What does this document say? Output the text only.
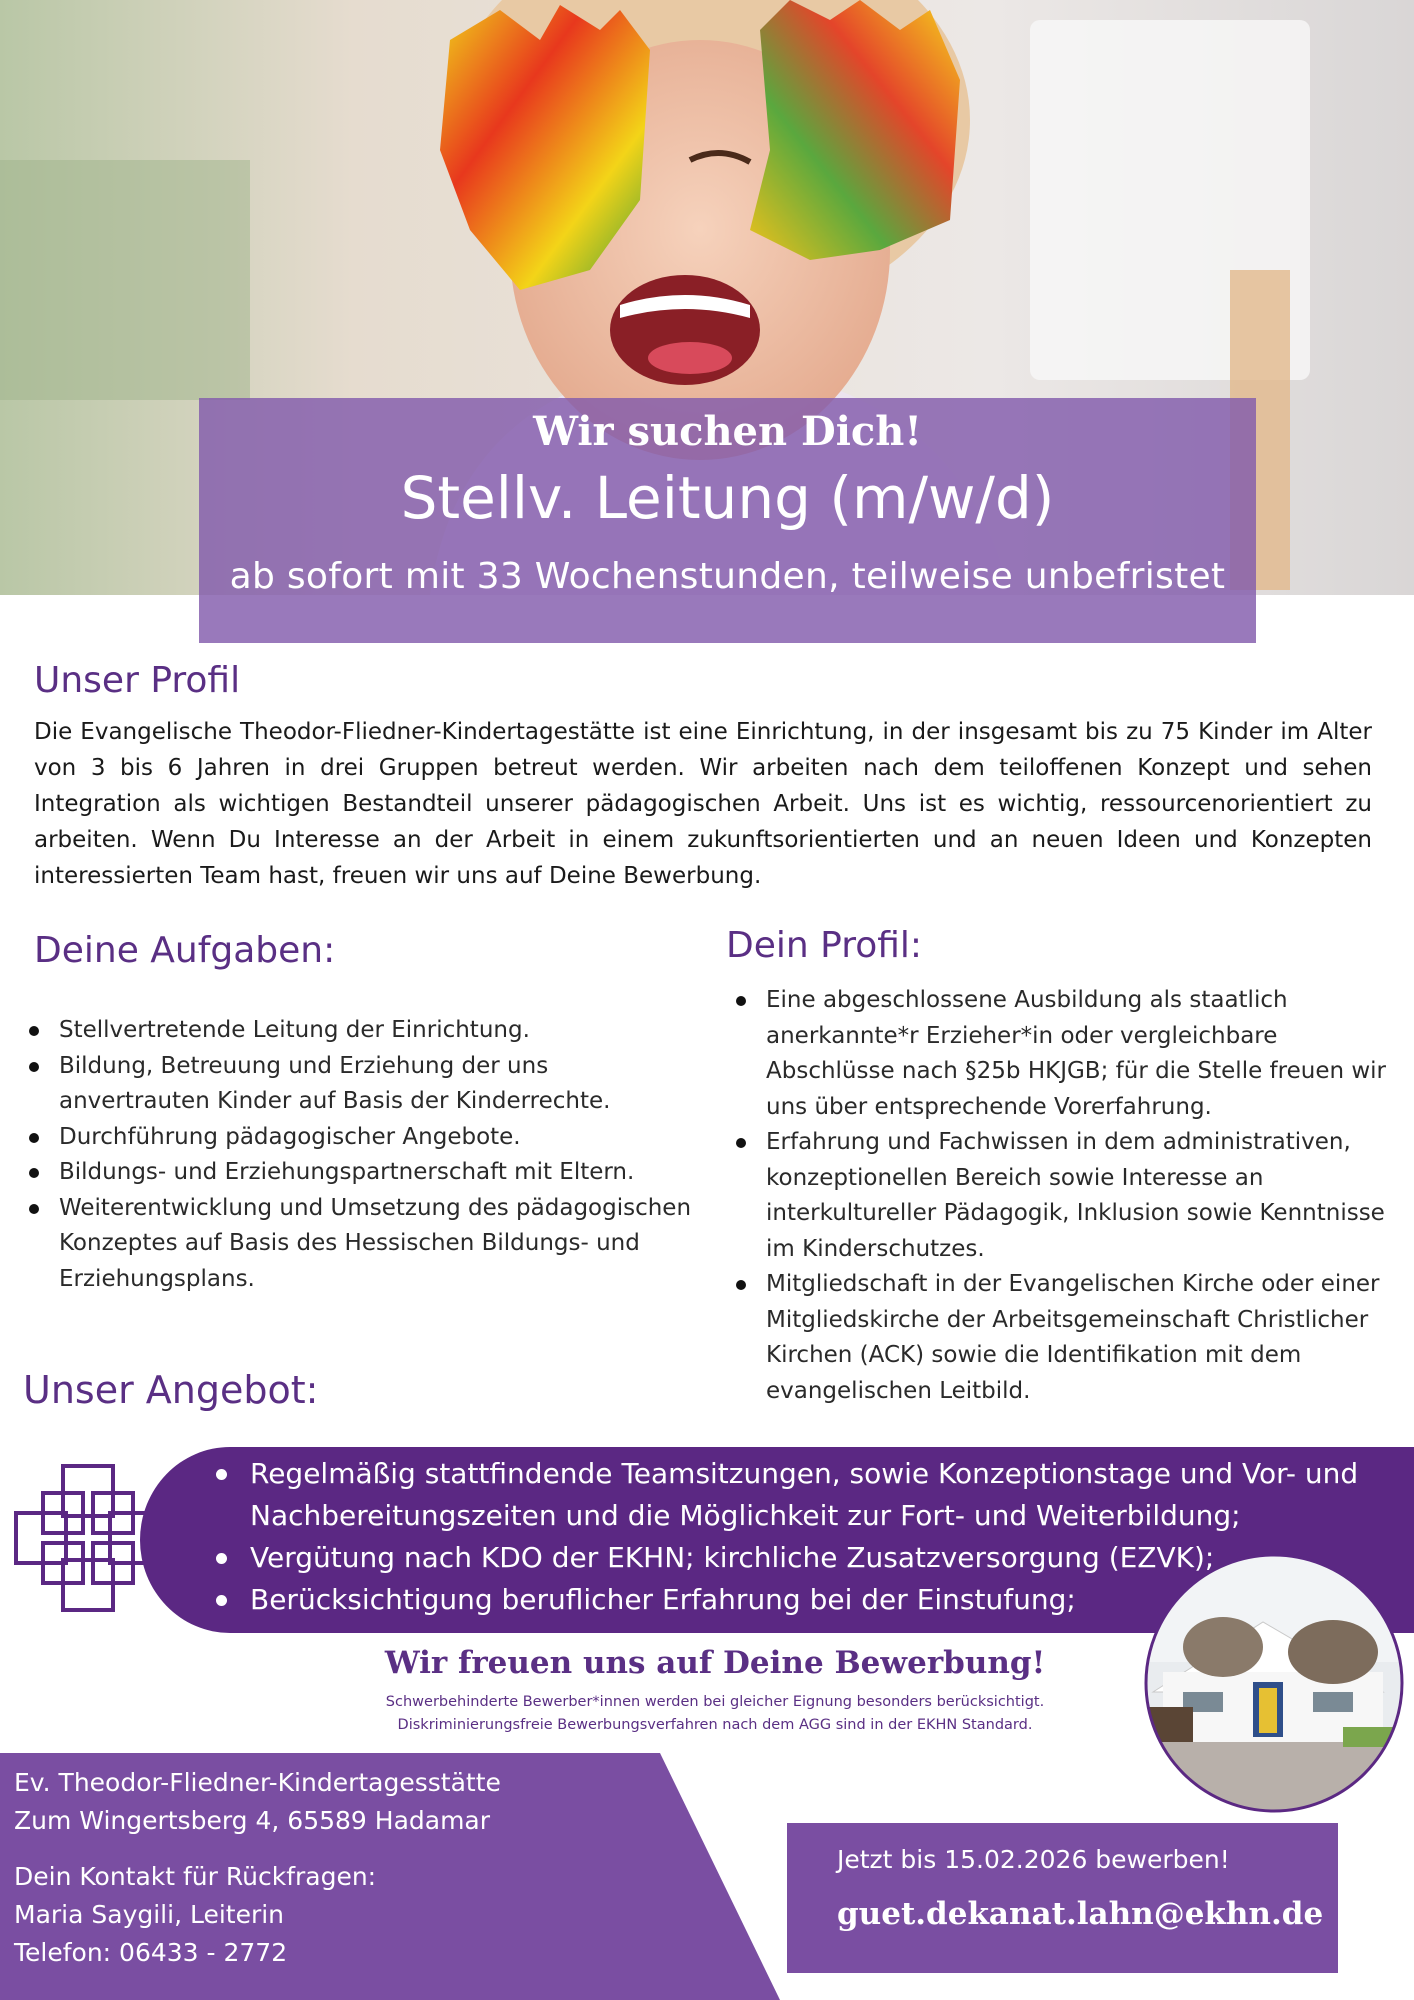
Wir suchen Dich!
Stellv. Leitung (m/w/d)
ab sofort mit 33 Wochenstunden, teilweise unbefristet
Unser Profil
Die Evangelische Theodor-Fliedner-Kindertagestätte ist eine Einrichtung, in der insgesamt bis zu 75 Kinder im Alter von 3 bis 6 Jahren in drei Gruppen betreut werden. Wir arbeiten nach dem teiloffenen Konzept und sehen Integration als wichtigen Bestandteil unserer pädagogischen Arbeit. Uns ist es wichtig, ressourcenorientiert zu arbeiten. Wenn Du Interesse an der Arbeit in einem zukunftsorientierten und an neuen Ideen und Konzepten interessierten Team hast, freuen wir uns auf Deine Bewerbung.
Deine Aufgaben:
Stellvertretende Leitung der Einrichtung.
Bildung, Betreuung und Erziehung der uns anvertrauten Kinder auf Basis der Kinderrechte.
Durchführung pädagogischer Angebote.
Bildungs- und Erziehungspartnerschaft mit Eltern.
Weiterentwicklung und Umsetzung des pädagogischen Konzeptes auf Basis des Hessischen Bildungs- und Erziehungsplans.
Dein Profil:
Eine abgeschlossene Ausbildung als staatlich anerkannte*r Erzieher*in oder vergleichbare Abschlüsse nach §25b HKJGB; für die Stelle freuen wir uns über entsprechende Vorerfahrung.
Erfahrung und Fachwissen in dem administrativen, konzeptionellen Bereich sowie Interesse an interkultureller Pädagogik, Inklusion sowie Kenntnisse im Kinderschutzes.
Mitgliedschaft in der Evangelischen Kirche oder einer Mitgliedskirche der Arbeitsgemeinschaft Christlicher Kirchen (ACK) sowie die Identifikation mit dem evangelischen Leitbild.
Unser Angebot:
Regelmäßig stattfindende Teamsitzungen, sowie Konzeptionstage und Vor- und Nachbereitungszeiten und die Möglichkeit zur Fort- und Weiterbildung;
Vergütung nach KDO der EKHN; kirchliche Zusatzversorgung (EZVK);
Berücksichtigung beruflicher Erfahrung bei der Einstufung;
Wir freuen uns auf Deine Bewerbung!
Schwerbehinderte Bewerber*innen werden bei gleicher Eignung besonders berücksichtigt.
Diskriminierungsfreie Bewerbungsverfahren nach dem AGG sind in der EKHN Standard.
Ev. Theodor-Fliedner-Kindertagesstätte
Zum Wingertsberg 4, 65589 Hadamar
Dein Kontakt für Rückfragen:
Maria Saygili, Leiterin
Telefon: 06433 - 2772
Jetzt bis 15.02.2026 bewerben!
guet.dekanat.lahn@ekhn.de
